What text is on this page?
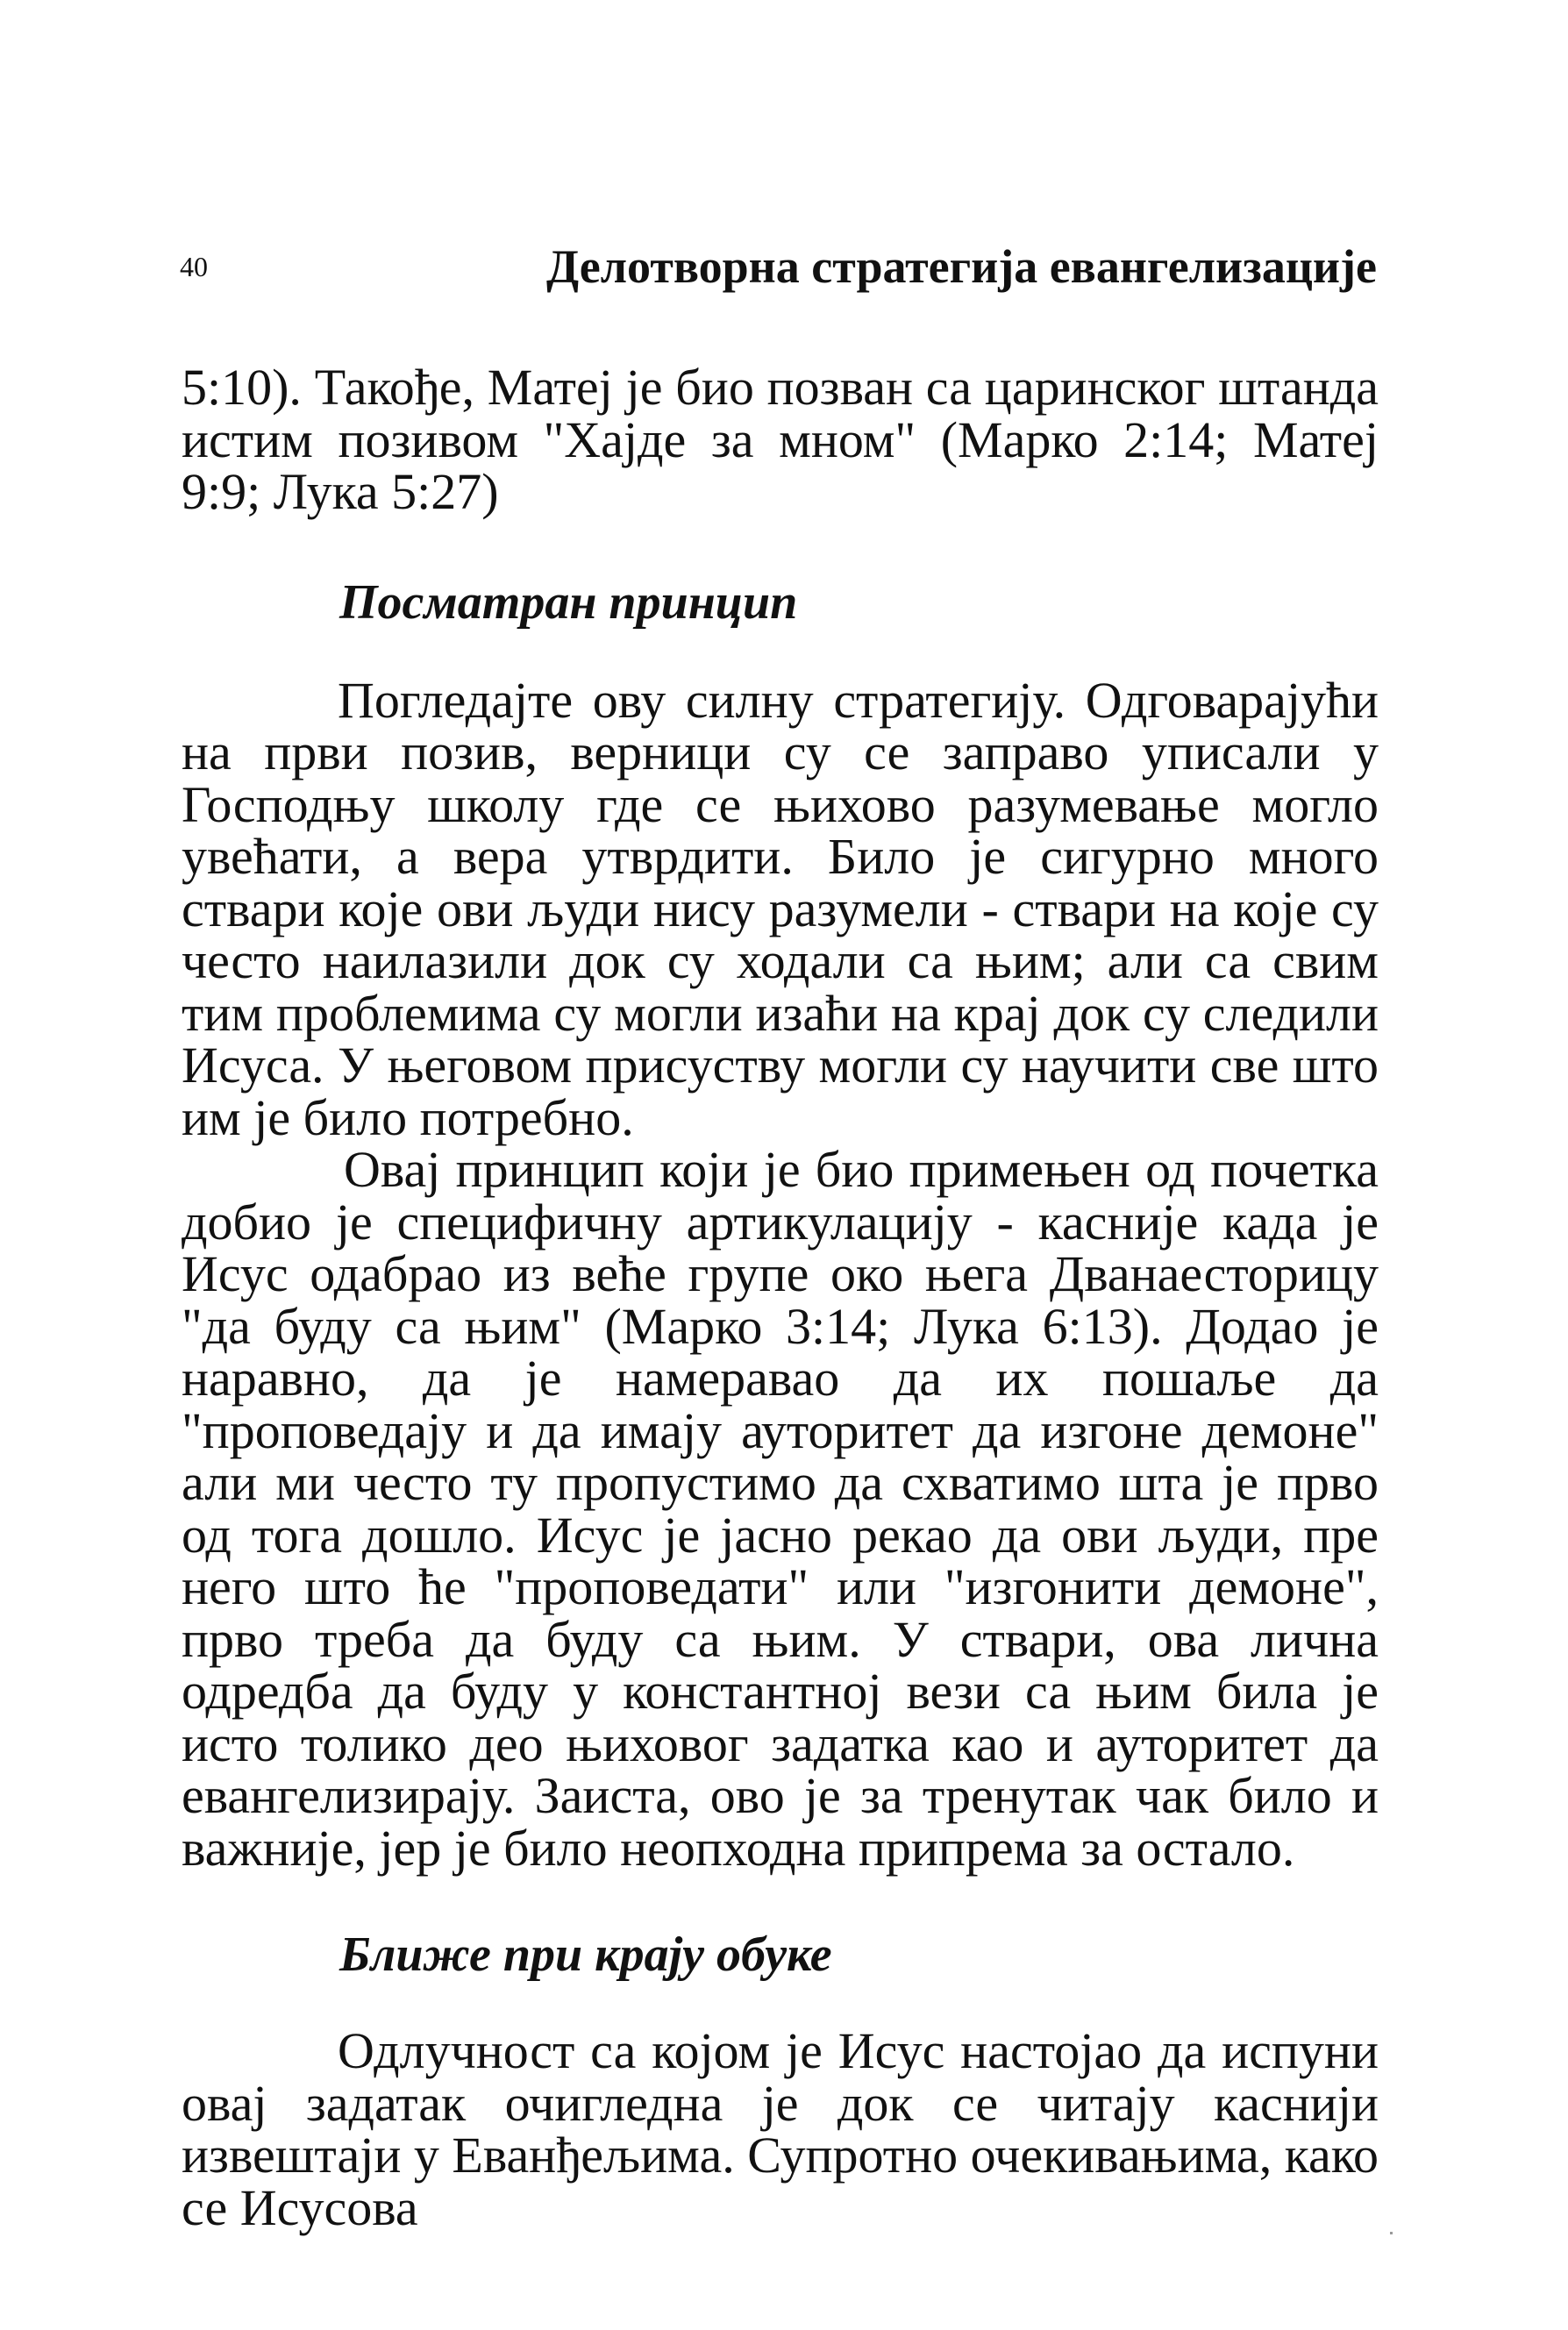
40	Делотворна стратегија евангелизације

5:10). Такође, Матеј је био позван са царинског штанда истим позивом "Хајде за мном" (Марко 2:14; Матеј 9:9; Лука 5:27)

Посматран принцип

Погледајте ову силну стратегију. Одговарајући на први позив, верници су се заправо уписали у Господњу школу где се њихово разумевање могло увећати, а вера утврдити. Било је сигурно много ствари које ови људи нису разумели - ствари на које су често наилазили док су ходали са њим; али са свим тим проблемима су могли изаћи на крај док су следили Исуса. У његовом присуству могли су научити све што им је било потребно.

Овај принцип који је био примењен од почетка добио је специфичну артикулацију - касније када је Исус одабрао из веће групе око њега Дванаесторицу "да буду са њим" (Марко 3:14; Лука 6:13). Додао је наравно, да је намеравао да их пошаље да "проповедају и да имају ауторитет да изгоне демоне" али ми често ту пропустимо да схватимо шта је прво од тога дошло. Исус је јасно рекао да ови људи, пре него што ће "проповедати" или "изгонити демоне", прво треба да буду са њим. У ствари, ова лична одредба да буду у константној вези са њим била је исто толико део њиховог задатка као и ауторитет да евангелизирају. Заиста, ово је за тренутак чак било и важније, јер је било неопходна припрема за остало.

Ближе при крају обуке

Одлучност са којом је Исус настојао да испуни овај задатак очигледна је док се читају каснији извештаји у Еванђељима. Супротно очекивањима, како се Исусова
